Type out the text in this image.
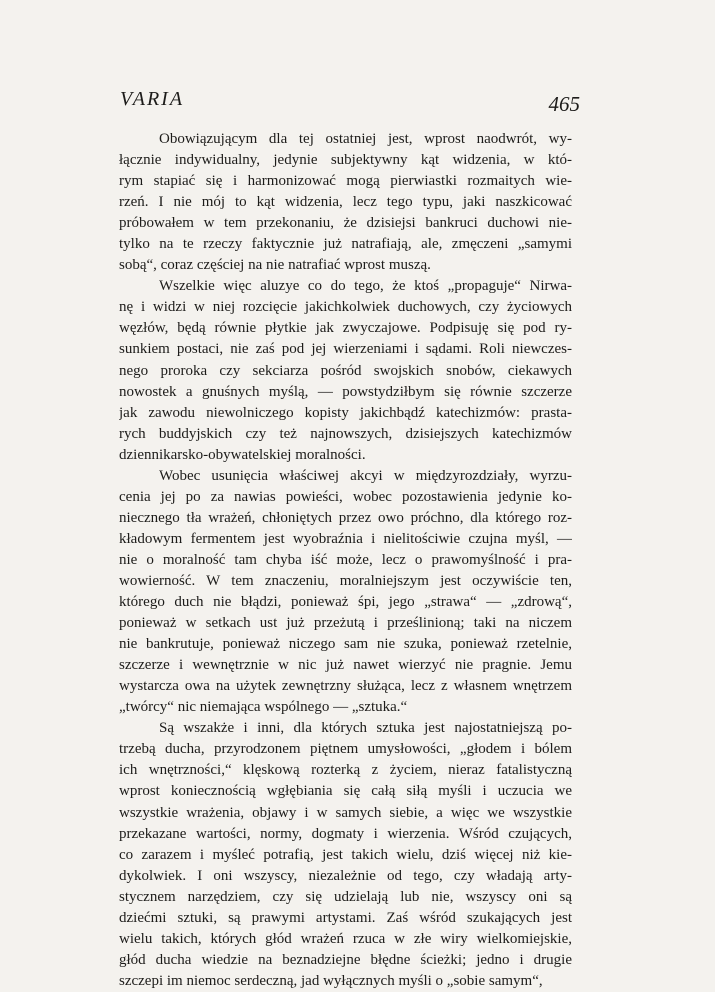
VARIA	465

Obowiązującym dla tej ostatniej jest, wprost naodwrót, wy-
łącznie indywidualny, jedynie subjektywny kąt widzenia, w któ-
rym stapiać się i harmonizować mogą pierwiastki rozmaitych wie-
rzeń. I nie mój to kąt widzenia, lecz tego typu, jaki naszkicować
próbowałem w tem przekonaniu, że dzisiejsi bankruci duchowi nie-
tylko na te rzeczy faktycznie już natrafiają, ale, zmęczeni „samymi
sobą“, coraz częściej na nie natrafiać wprost muszą.

Wszelkie więc aluzye co do tego, że ktoś „propaguje“ Nirwa-
nę i widzi w niej rozcięcie jakichkolwiek duchowych, czy życiowych
węzłów, będą równie płytkie jak zwyczajowe. Podpisuję się pod ry-
sunkiem postaci, nie zaś pod jej wierzeniami i sądami. Roli niewczes-
nego proroka czy sekciarza pośród swojskich snobów, ciekawych
nowostek a gnuśnych myślą, — powstydziłbym się równie szczerze
jak zawodu niewolniczego kopisty jakichbądź katechizmów: prasta-
rych buddyjskich czy też najnowszych, dzisiejszych katechizmów
dziennikarsko-obywatelskiej moralności.

Wobec usunięcia właściwej akcyi w międzyrozdziały, wyrzu-
cenia jej po za nawias powieści, wobec pozostawienia jedynie ko-
niecznego tła wrażeń, chłoniętych przez owo próchno, dla którego roz-
kładowym fermentem jest wyobraźnia i nielitościwie czujna myśl, —
nie o moralność tam chyba iść może, lecz o prawomyślność i pra-
wowierność. W tem znaczeniu, moralniejszym jest oczywiście ten,
którego duch nie błądzi, ponieważ śpi, jego „strawa“ — „zdrową“,
ponieważ w setkach ust już przeżutą i prześlinioną; taki na niczem
nie bankrutuje, ponieważ niczego sam nie szuka, ponieważ rzetelnie,
szczerze i wewnętrznie w nic już nawet wierzyć nie pragnie. Jemu
wystarcza owa na użytek zewnętrzny służąca, lecz z własnem wnętrzem
„twórcy“ nic niemająca wspólnego — „sztuka.“

Są wszakże i inni, dla których sztuka jest najostatniejszą po-
trzebą ducha, przyrodzonem piętnem umysłowości, „głodem i bólem
ich wnętrzności,“ klęskową rozterką z życiem, nieraz fatalistyczną
wprost koniecznością wgłębiania się całą siłą myśli i uczucia we
wszystkie wrażenia, objawy i w samych siebie, a więc we wszystkie
przekazane wartości, normy, dogmaty i wierzenia. Wśród czujących,
co zarazem i myśleć potrafią, jest takich wielu, dziś więcej niż kie-
dykolwiek. I oni wszyscy, niezależnie od tego, czy władają arty-
stycznem narzędziem, czy się udzielają lub nie, wszyscy oni są
dziećmi sztuki, są prawymi artystami. Zaś wśród szukających jest
wielu takich, których głód wrażeń rzuca w złe wiry wielkomiejskie,
głód ducha wiedzie na beznadziejne błędne ścieżki; jedno i drugie
szczepi im niemoc serdeczną, jad wyłącznych myśli o „sobie samym“,
